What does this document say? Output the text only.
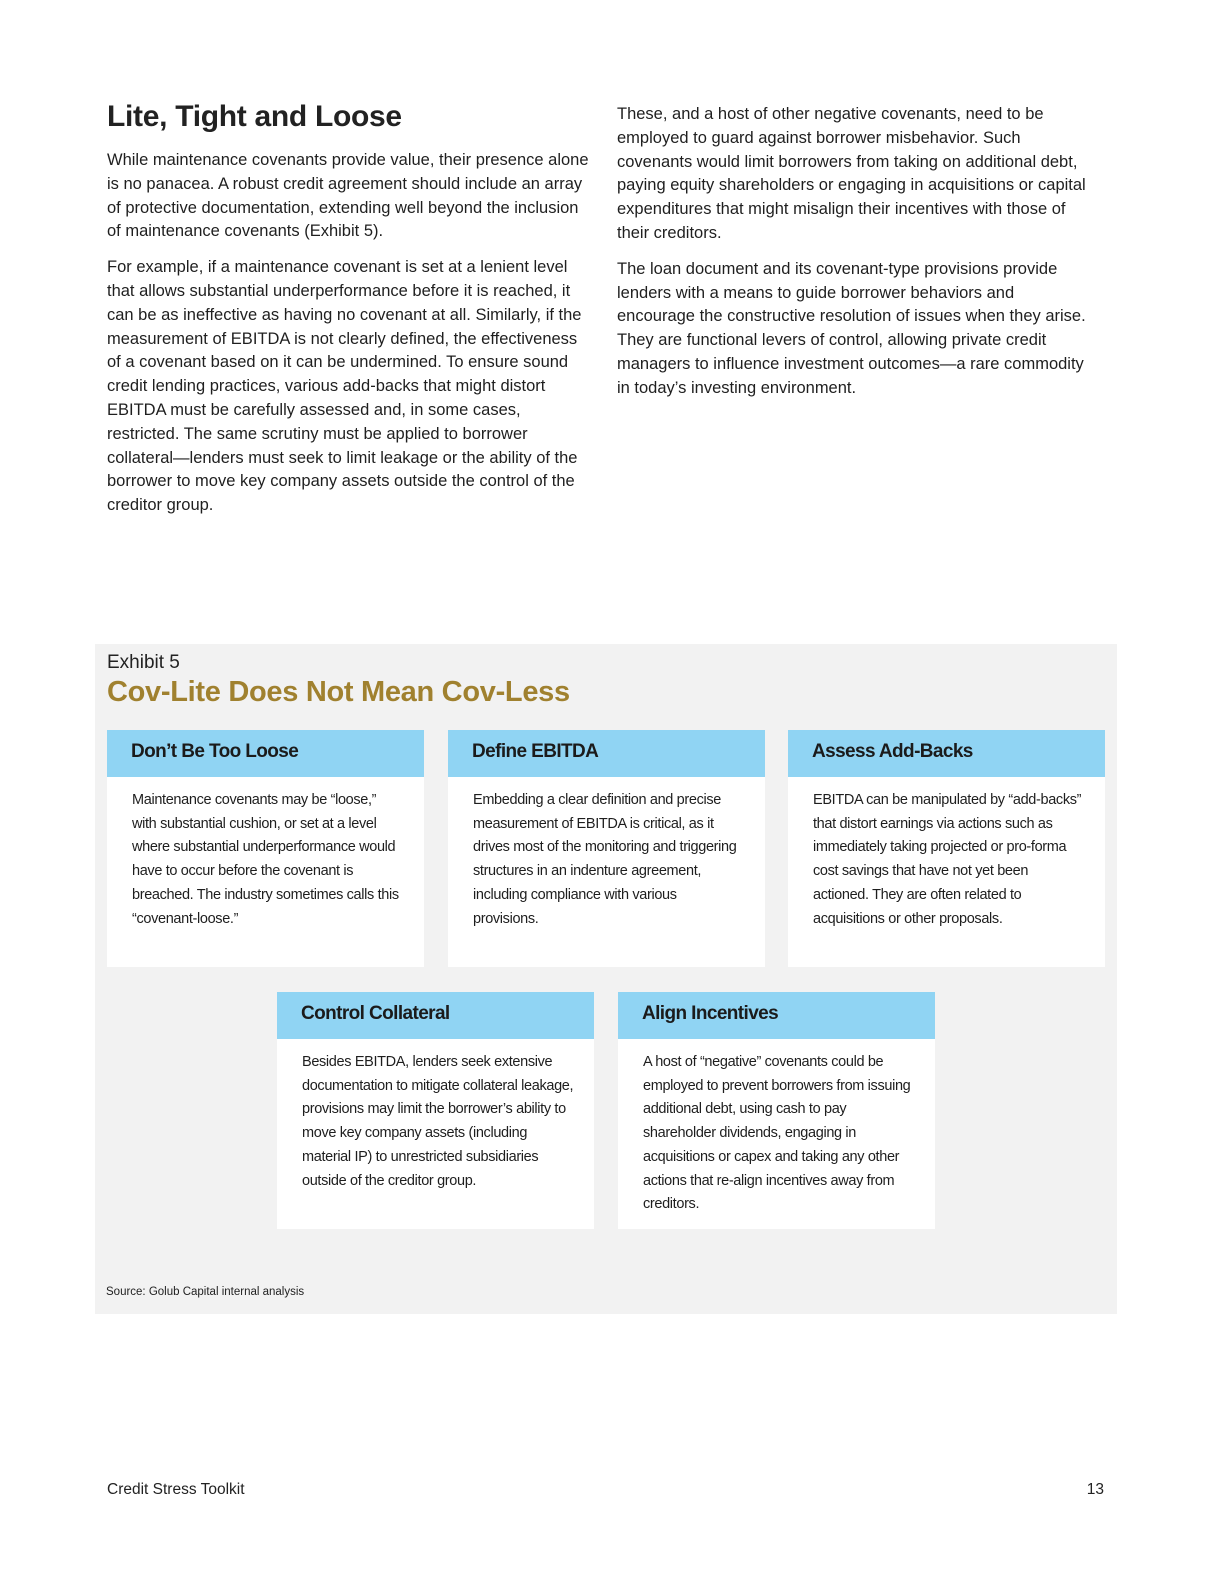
Lite, Tight and Loose

While maintenance covenants provide value, their presence alone is no panacea. A robust credit agreement should include an array of protective documentation, extending well beyond the inclusion of maintenance covenants (Exhibit 5).

For example, if a maintenance covenant is set at a lenient level that allows substantial underperformance before it is reached, it can be as ineffective as having no covenant at all. Similarly, if the measurement of EBITDA is not clearly defined, the effectiveness of a covenant based on it can be undermined. To ensure sound credit lending practices, various add-backs that might distort EBITDA must be carefully assessed and, in some cases, restricted. The same scrutiny must be applied to borrower collateral—lenders must seek to limit leakage or the ability of the borrower to move key company assets outside the control of the creditor group.

These, and a host of other negative covenants, need to be employed to guard against borrower misbehavior. Such covenants would limit borrowers from taking on additional debt, paying equity shareholders or engaging in acquisitions or capital expenditures that might misalign their incentives with those of their creditors.

The loan document and its covenant-type provisions provide lenders with a means to guide borrower behaviors and encourage the constructive resolution of issues when they arise. They are functional levers of control, allowing private credit managers to influence investment outcomes—a rare commodity in today’s investing environment.

Exhibit 5

Cov-Lite Does Not Mean Cov-Less
Don’t Be Too Loose
Maintenance covenants may be “loose,” with substantial cushion, or set at a level where substantial underperformance would have to occur before the covenant is breached. The industry sometimes calls this “covenant-loose.”
Define EBITDA
Embedding a clear definition and precise measurement of EBITDA is critical, as it drives most of the monitoring and triggering structures in an indenture agreement, including compliance with various provisions.
Assess Add-Backs
EBITDA can be manipulated by “add-backs” that distort earnings via actions such as immediately taking projected or pro-forma cost savings that have not yet been actioned. They are often related to acquisitions or other proposals.
Control Collateral
Besides EBITDA, lenders seek extensive documentation to mitigate collateral leakage, provisions may limit the borrower’s ability to move key company assets (including material IP) to unrestricted subsidiaries outside of the creditor group.
Align Incentives
A host of “negative” covenants could be employed to prevent borrowers from issuing additional debt, using cash to pay shareholder dividends, engaging in acquisitions or capex and taking any other actions that re-align incentives away from creditors.

Source: Golub Capital internal analysis

Credit Stress Toolkit	13
